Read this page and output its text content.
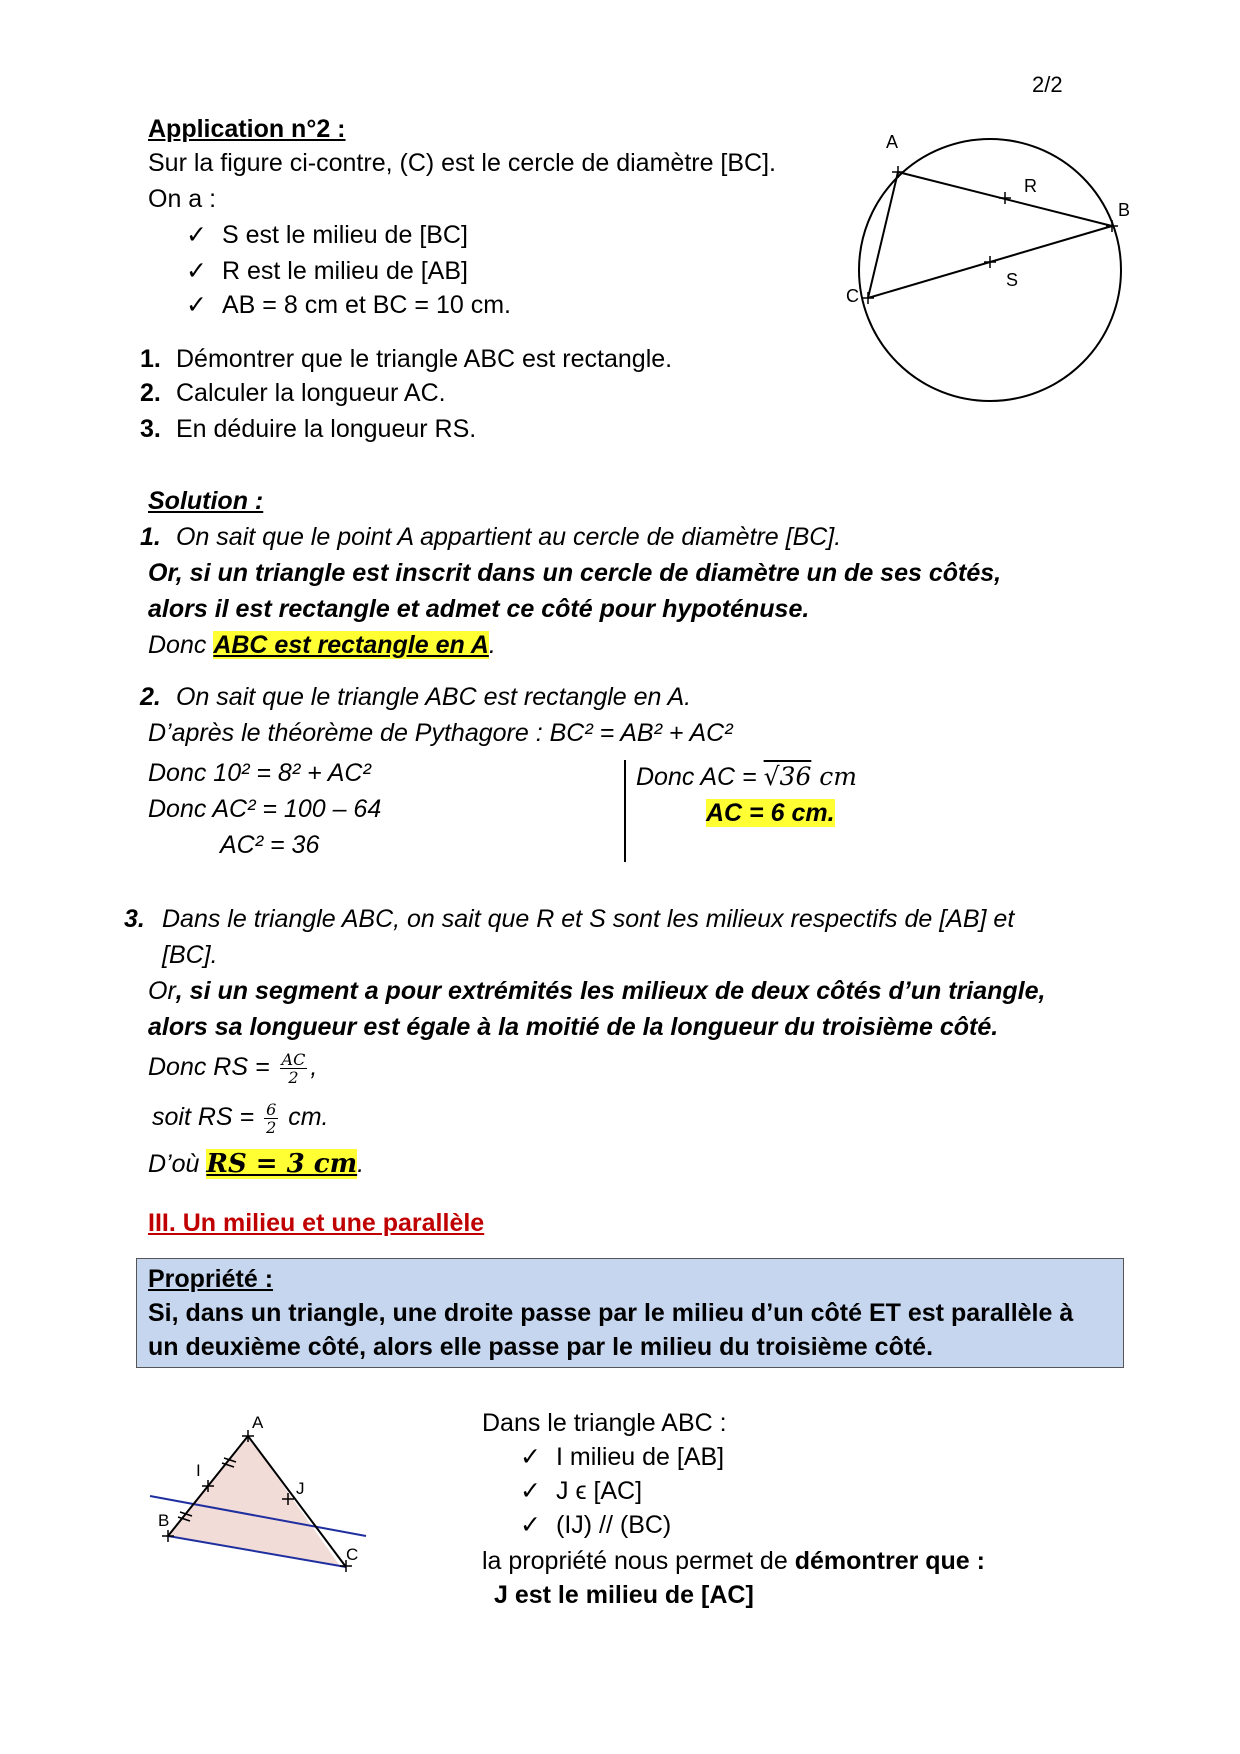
2/2
Application n°2 :
Sur la figure ci-contre, (C) est le cercle de diamètre [BC].
On a :
✓ S est le milieu de [BC]
✓ R est le milieu de [AB]
✓ AB = 8 cm et BC = 10 cm.
1. Démontrer que le triangle ABC est rectangle.
2. Calculer la longueur AC.
3. En déduire la longueur RS.
A
B
C
R
S
Solution :
1. On sait que le point A appartient au cercle de diamètre [BC].
Or, si un triangle est inscrit dans un cercle de diamètre un de ses côtés,
alors il est rectangle et admet ce côté pour hypoténuse.
Donc ABC est rectangle en A.
2. On sait que le triangle ABC est rectangle en A.
D’après le théorème de Pythagore : BC² = AB² + AC²
Donc 10² = 8² + AC²
Donc AC² = 100 – 64
AC² = 36
Donc AC = √36 cm
AC = 6 cm.
3. Dans le triangle ABC, on sait que R et S sont les milieux respectifs de [AB] et
[BC].
Or, si un segment a pour extrémités les milieux de deux côtés d’un triangle,
alors sa longueur est égale à la moitié de la longueur du troisième côté.
Donc RS = $\frac{AC}{2}$ ,
soit RS = $\frac{6}{2}$ cm.
D’où RS = 3 cm.
III. Un milieu et une parallèle
Propriété :
Si, dans un triangle, une droite passe par le milieu d’un côté ET est parallèle à
un deuxième côté, alors elle passe par le milieu du troisième côté.
A
B
C
I
J
Dans le triangle ABC :
✓ I milieu de [AB]
✓ J ϵ [AC]
✓ (IJ) // (BC)
la propriété nous permet de démontrer que :
J est le milieu de [AC]
